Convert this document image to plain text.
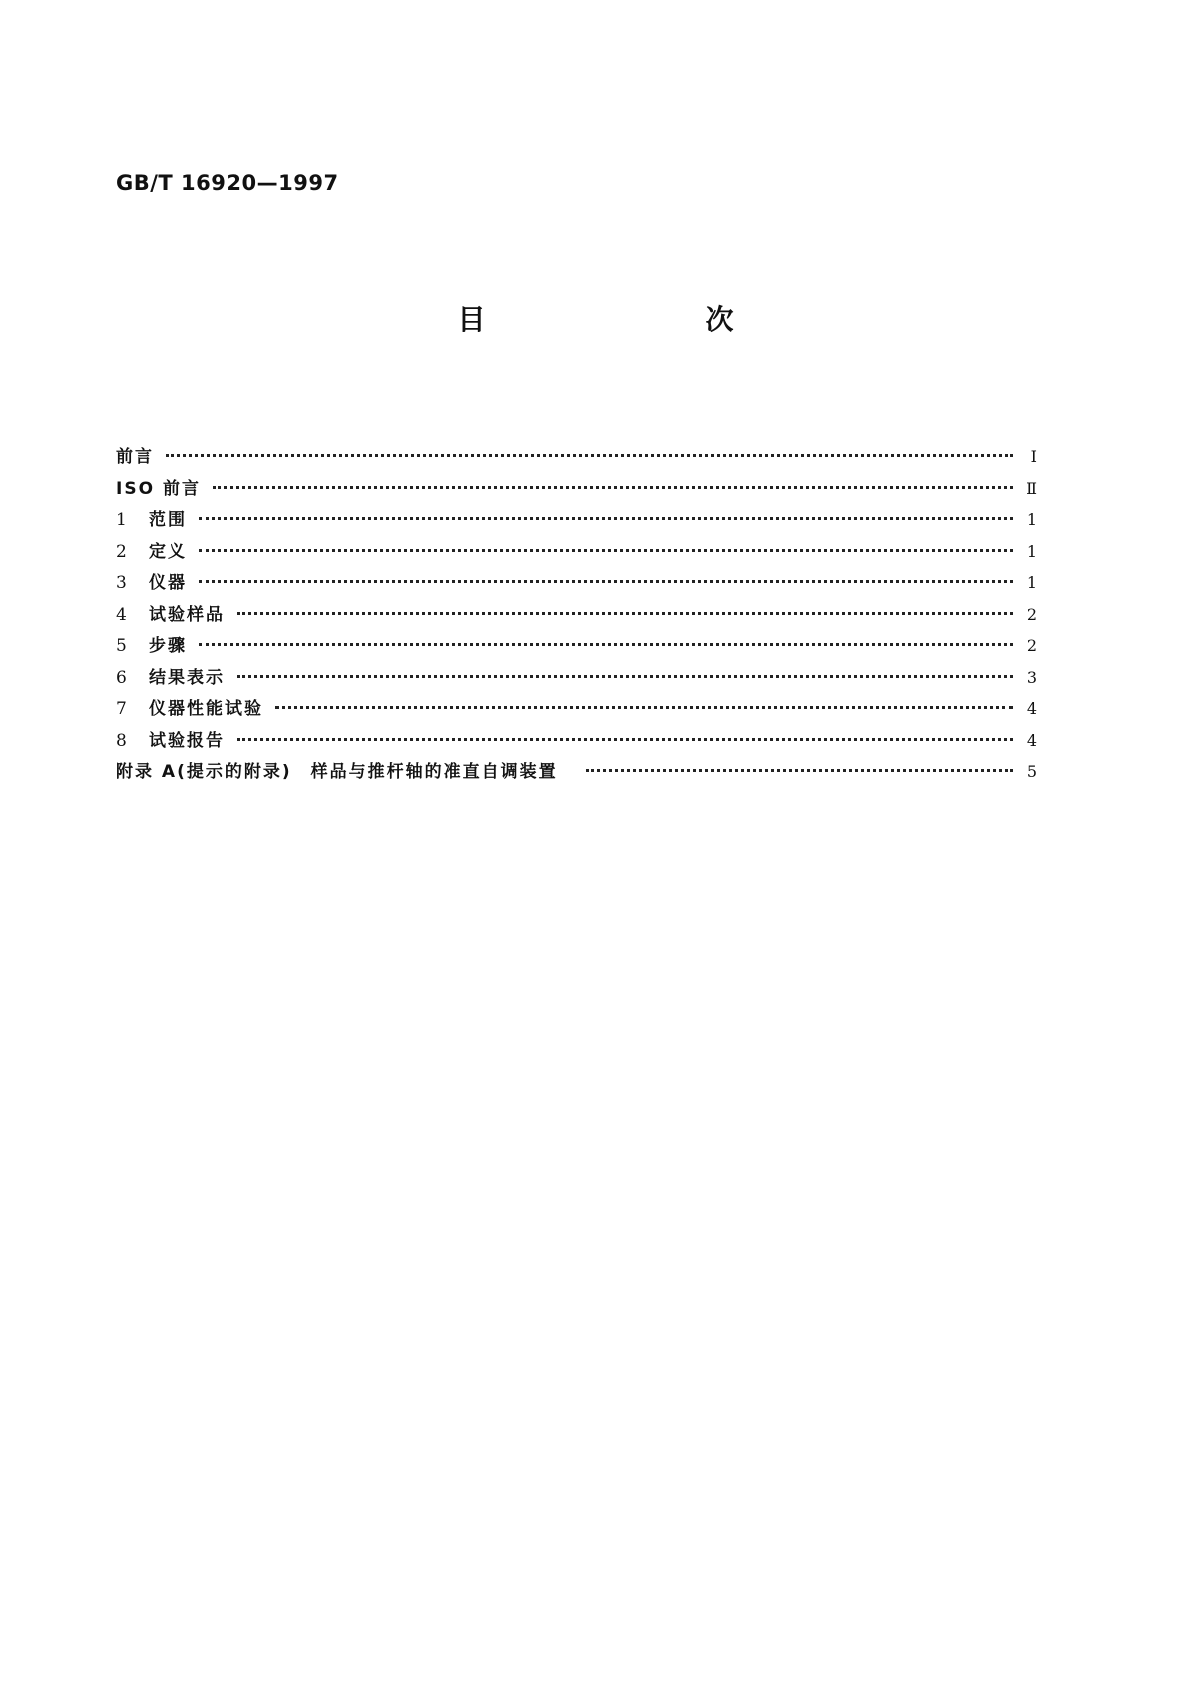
GB/T 16920—1997
目　次
前言	Ⅰ
ISO 前言	Ⅱ
1	范围	1
2	定义	1
3	仪器	1
4	试验样品	2
5	步骤	2
6	结果表示	3
7	仪器性能试验	4
8	试验报告	4
附录 A(提示的附录)　样品与推杆轴的准直自调装置	5
